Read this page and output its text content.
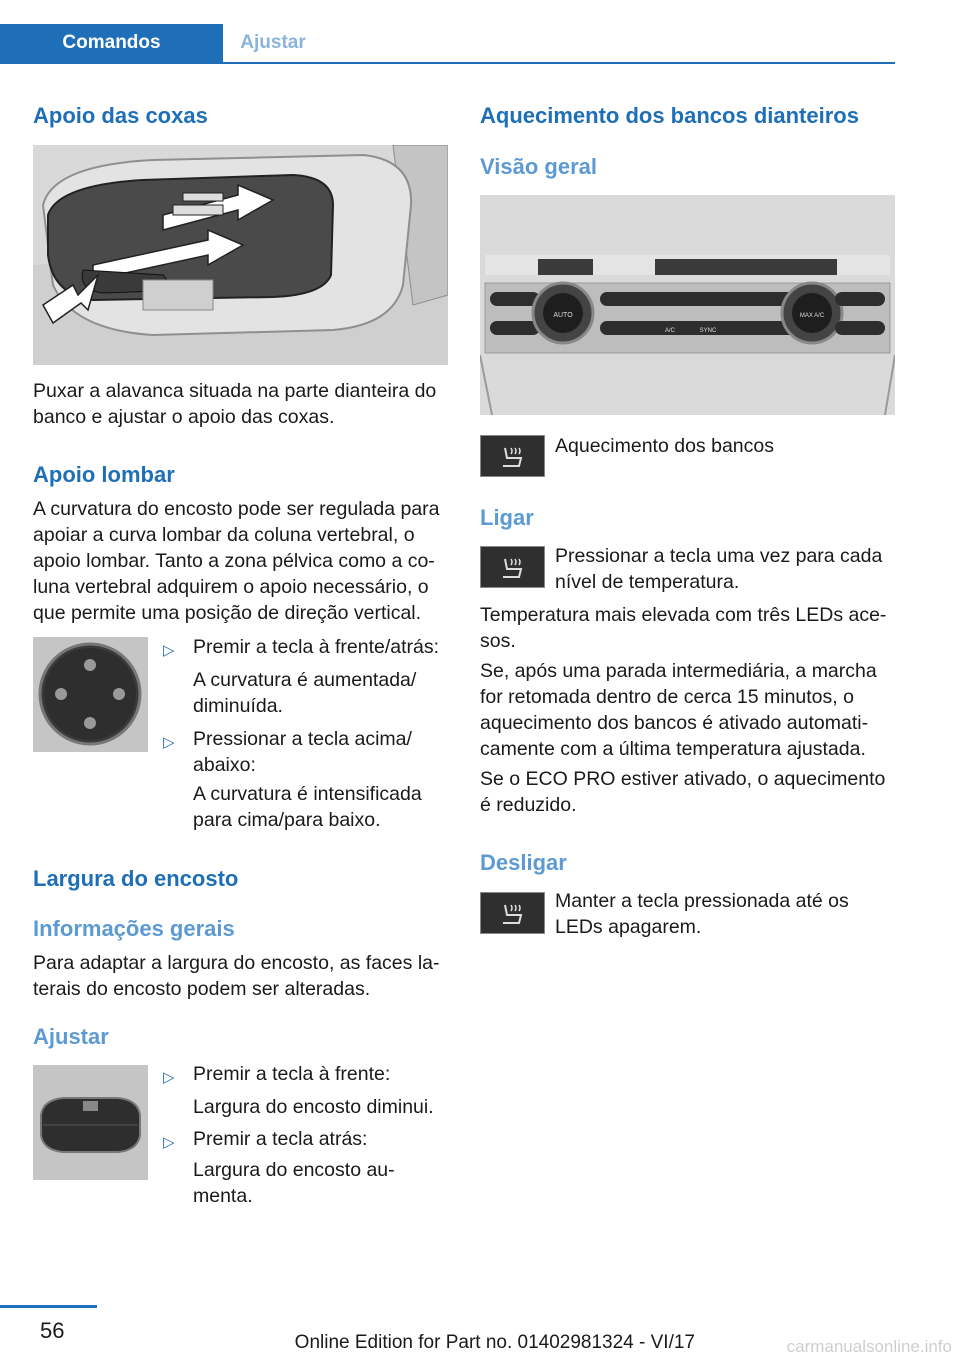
Comandos	Ajustar
Apoio das coxas
Puxar a alavanca situada na parte dianteira do
banco e ajustar o apoio das coxas.
Apoio lombar
A curvatura do encosto pode ser regulada para
apoiar a curva lombar da coluna vertebral, o
apoio lombar. Tanto a zona pélvica como a co-
luna vertebral adquirem o apoio necessário, o
que permite uma posição de direção vertical.
▷ Premir a tecla à frente/atrás:
A curvatura é aumentada/
diminuída.
▷ Pressionar a tecla acima/
abaixo:
A curvatura é intensificada
para cima/para baixo.
Largura do encosto
Informações gerais
Para adaptar a largura do encosto, as faces la-
terais do encosto podem ser alteradas.
Ajustar
▷ Premir a tecla à frente:
Largura do encosto diminui.
▷ Premir a tecla atrás:
Largura do encosto au-
menta.
Aquecimento dos bancos dianteiros
Visão geral
AUTO
A/C	SYNC
MAX A/C
Aquecimento dos bancos
Ligar
Pressionar a tecla uma vez para cada
nível de temperatura.
Temperatura mais elevada com três LEDs ace-
sos.
Se, após uma parada intermediária, a marcha
for retomada dentro de cerca 15 minutos, o
aquecimento dos bancos é ativado automati-
camente com a última temperatura ajustada.
Se o ECO PRO estiver ativado, o aquecimento
é reduzido.
Desligar
Manter a tecla pressionada até os
LEDs apagarem.
56	Online Edition for Part no. 01402981324 - VI/17	carmanualsonline.info
